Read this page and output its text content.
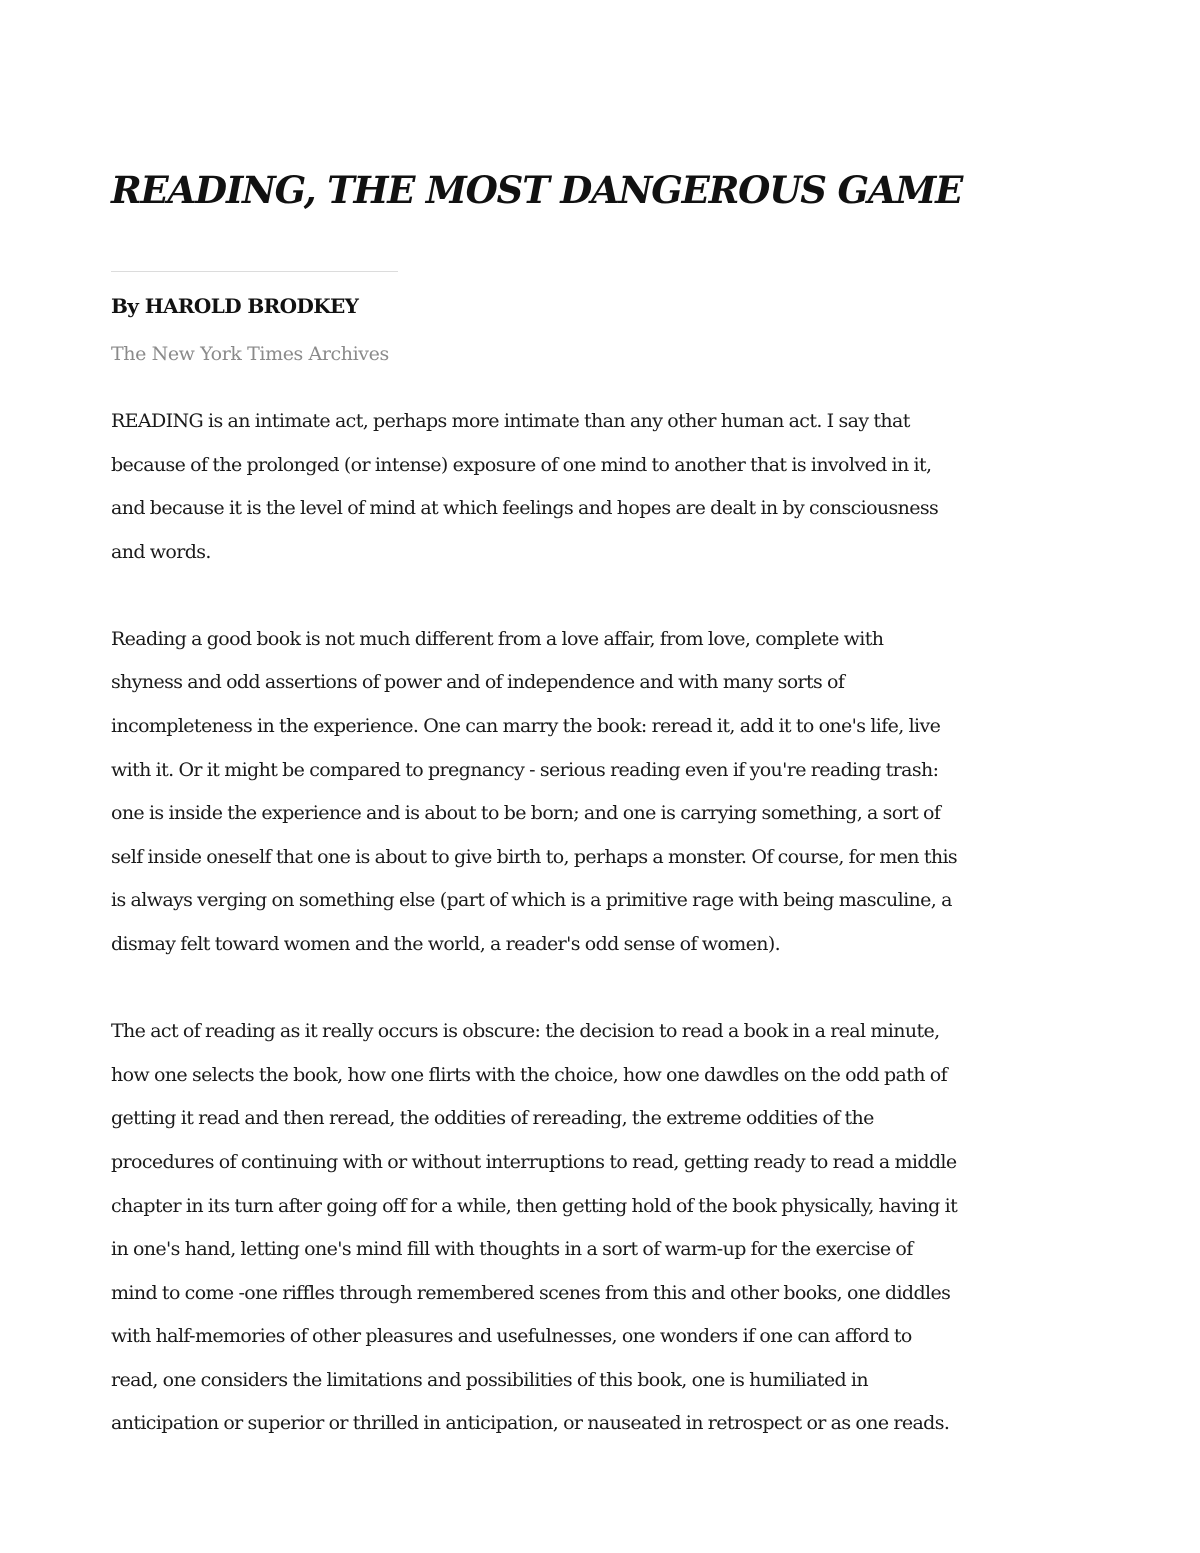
READING, THE MOST DANGEROUS GAME
By HAROLD BRODKEY
The New York Times Archives

READING is an intimate act, perhaps more intimate than any other human act. I say that
because of the prolonged (or intense) exposure of one mind to another that is involved in it,
and because it is the level of mind at which feelings and hopes are dealt in by consciousness
and words.

Reading a good book is not much different from a love affair, from love, complete with
shyness and odd assertions of power and of independence and with many sorts of
incompleteness in the experience. One can marry the book: reread it, add it to one's life, live
with it. Or it might be compared to pregnancy - serious reading even if you're reading trash:
one is inside the experience and is about to be born; and one is carrying something, a sort of
self inside oneself that one is about to give birth to, perhaps a monster. Of course, for men this
is always verging on something else (part of which is a primitive rage with being masculine, a
dismay felt toward women and the world, a reader's odd sense of women).

The act of reading as it really occurs is obscure: the decision to read a book in a real minute,
how one selects the book, how one flirts with the choice, how one dawdles on the odd path of
getting it read and then reread, the oddities of rereading, the extreme oddities of the
procedures of continuing with or without interruptions to read, getting ready to read a middle
chapter in its turn after going off for a while, then getting hold of the book physically, having it
in one's hand, letting one's mind fill with thoughts in a sort of warm-up for the exercise of
mind to come -one riffles through remembered scenes from this and other books, one diddles
with half-memories of other pleasures and usefulnesses, one wonders if one can afford to
read, one considers the limitations and possibilities of this book, one is humiliated in
anticipation or superior or thrilled in anticipation, or nauseated in retrospect or as one reads.
